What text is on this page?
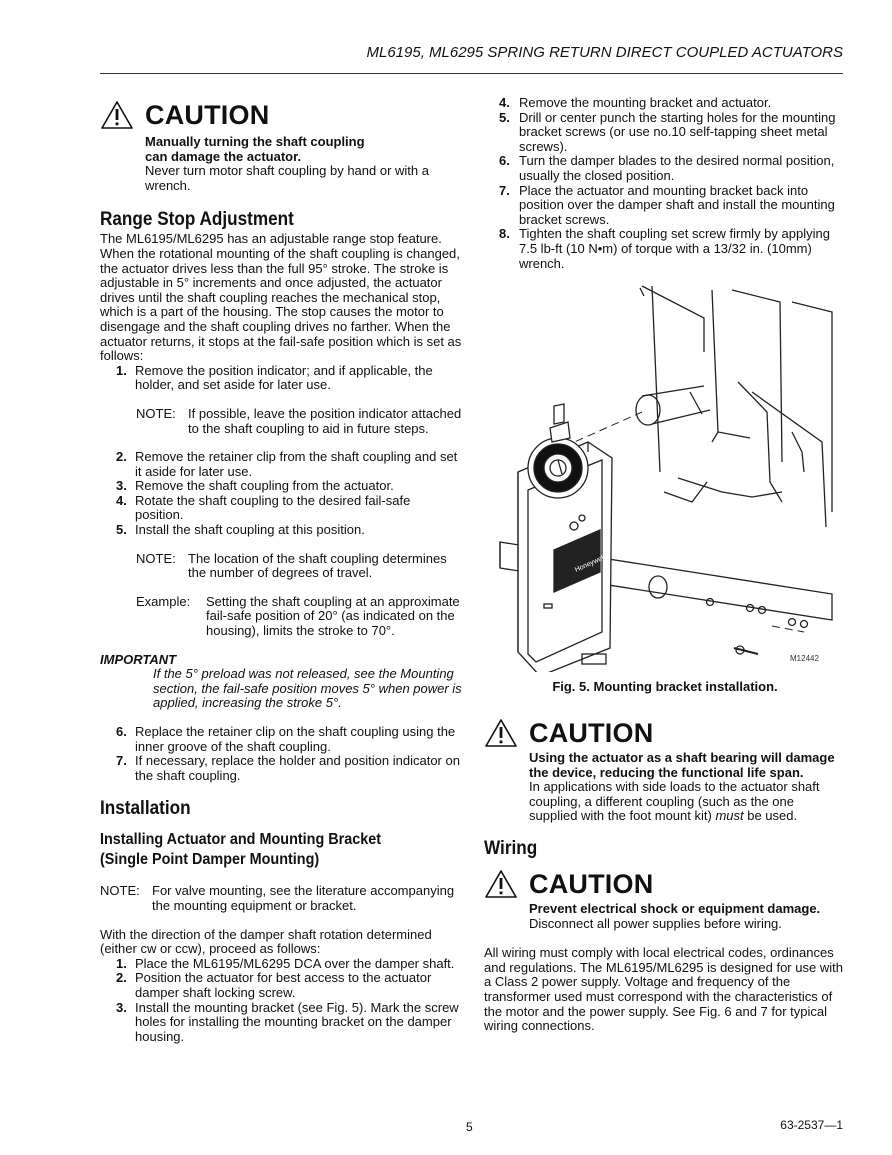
ML6195, ML6295 SPRING RETURN DIRECT COUPLED ACTUATORS
CAUTION

Manually turning the shaft coupling
can damage the actuator.

Never turn motor shaft coupling by hand or with a wrench.

Range Stop Adjustment

The ML6195/ML6295 has an adjustable range stop feature. When the rotational mounting of the shaft coupling is changed, the actuator drives less than the full 95° stroke. The stroke is adjustable in 5° increments and once adjusted, the actuator drives until the shaft coupling reaches the mechanical stop, which is a part of the housing. The stop causes the motor to disengage and the shaft coupling drives no farther. When the actuator returns, it stops at the fail-safe position which is set as follows:

1. Remove the position indicator; and if applicable, the holder, and set aside for later use.
NOTE: If possible, leave the position indicator attached to the shaft coupling to aid in future steps.
2. Remove the retainer clip from the shaft coupling and set it aside for later use.
3. Remove the shaft coupling from the actuator.
4. Rotate the shaft coupling to the desired fail-safe position.
5. Install the shaft coupling at this position.
NOTE: The location of the shaft coupling determines the number of degrees of travel.
Example:	Setting the shaft coupling at an approximate fail-safe position of 20° (as indicated on the housing), limits the stroke to 70°.

IMPORTANT

If the 5° preload was not released, see the Mounting section, the fail-safe position moves 5° when power is applied, increasing the stroke 5°.

6. Replace the retainer clip on the shaft coupling using the inner groove of the shaft coupling.
7. If necessary, replace the holder and position indicator on the shaft coupling.
Installation
Installing Actuator and Mounting Bracket
(Single Point Damper Mounting)
NOTE: For valve mounting, see the literature accompanying the mounting equipment or bracket.

With the direction of the damper shaft rotation determined (either cw or ccw), proceed as follows:

1. Place the ML6195/ML6295 DCA over the damper shaft.
2. Position the actuator for best access to the actuator damper shaft locking screw.
3. Install the mounting bracket (see Fig. 5). Mark the screw holes for installing the mounting bracket on the damper housing.
4. Remove the mounting bracket and actuator.
5. Drill or center punch the starting holes for the mounting bracket screws (or use no.10 self-tapping sheet metal screws).
6. Turn the damper blades to the desired normal position, usually the closed position.
7. Place the actuator and mounting bracket back into position over the damper shaft and install the mounting bracket screws.
8. Tighten the shaft coupling set screw firmly by applying 7.5 lb-ft (10 N•m) of torque with a 13/32 in. (10mm) wrench.
Honeywell
M12442
Fig. 5. Mounting bracket installation.
CAUTION

Using the actuator as a shaft bearing will damage the device, reducing the functional life span.

In applications with side loads to the actuator shaft coupling, a different coupling (such as the one supplied with the foot mount kit) must be used.

Wiring
CAUTION

Prevent electrical shock or equipment damage.

Disconnect all power supplies before wiring.

All wiring must comply with local electrical codes, ordinances and regulations. The ML6195/ML6295 is designed for use with a Class 2 power supply. Voltage and frequency of the transformer used must correspond with the characteristics of the motor and the power supply. See Fig. 6 and 7 for typical wiring connections.

5	63-2537—1
